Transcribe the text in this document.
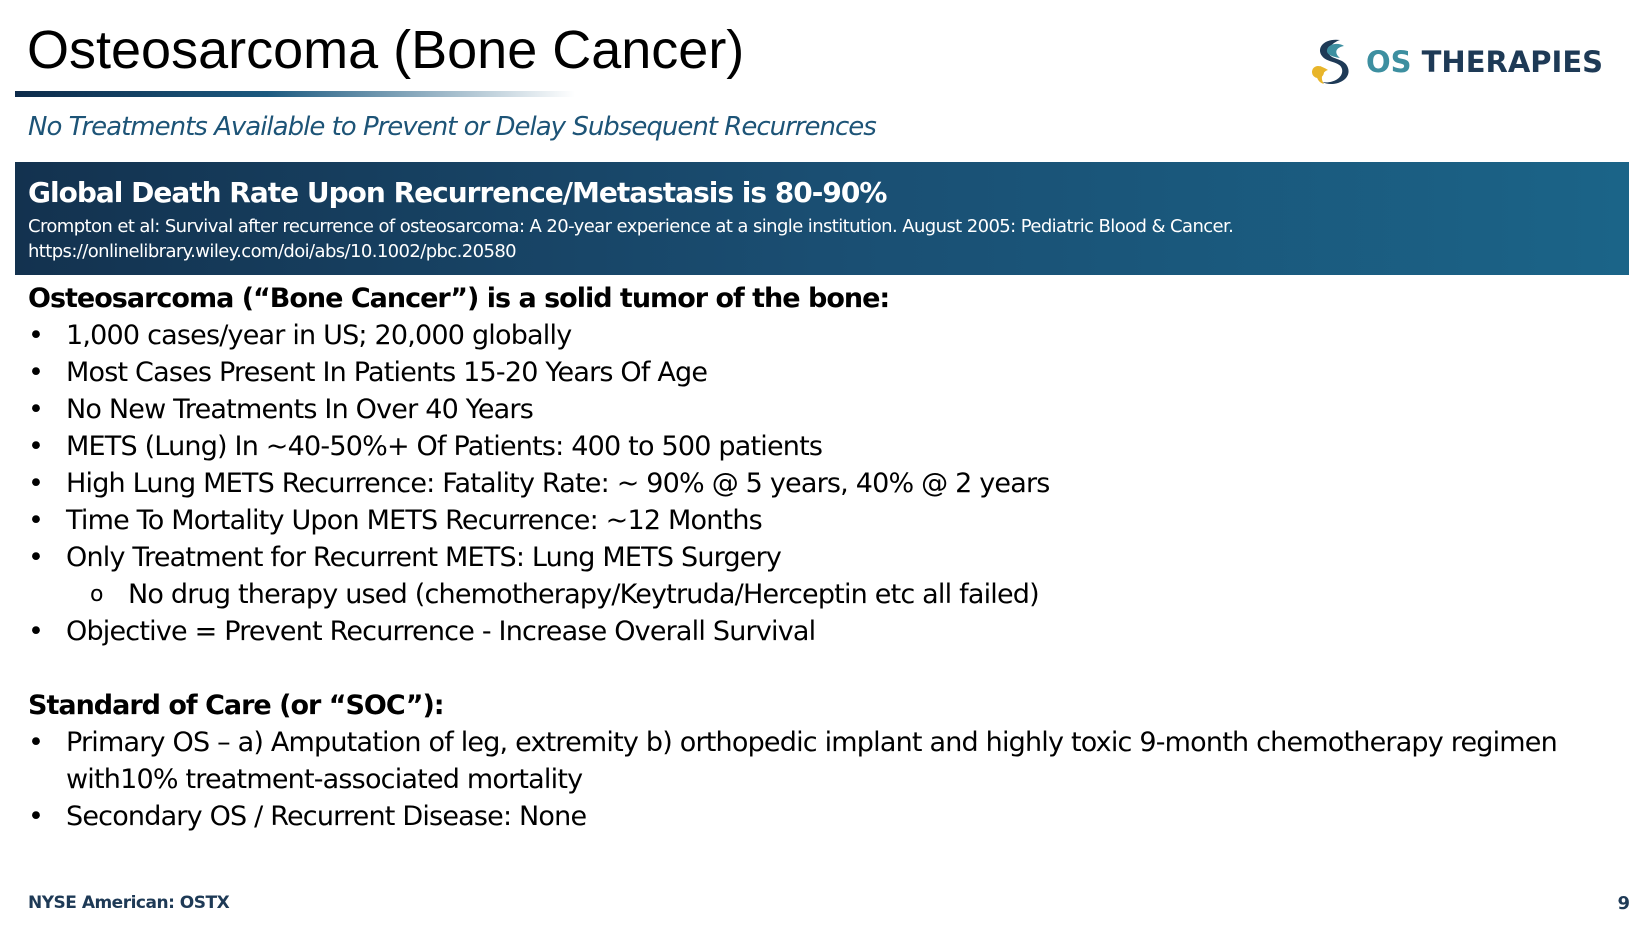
Osteosarcoma (Bone Cancer)
No Treatments Available to Prevent or Delay Subsequent Recurrences
OS THERAPIES
Global Death Rate Upon Recurrence/Metastasis is 80-90%
Crompton et al: Survival after recurrence of osteosarcoma: A 20-year experience at a single institution. August 2005: Pediatric Blood & Cancer.
https://onlinelibrary.wiley.com/doi/abs/10.1002/pbc.20580
Osteosarcoma (“Bone Cancer”) is a solid tumor of the bone:
• 1,000 cases/year in US; 20,000 globally
• Most Cases Present In Patients 15-20 Years Of Age
• No New Treatments In Over 40 Years
• METS (Lung) In ~40-50%+ Of Patients: 400 to 500 patients
• High Lung METS Recurrence: Fatality Rate: ~ 90% @ 5 years, 40% @ 2 years
• Time To Mortality Upon METS Recurrence: ~12 Months
• Only Treatment for Recurrent METS: Lung METS Surgery
o No drug therapy used (chemotherapy/Keytruda/Herceptin etc all failed)
• Objective = Prevent Recurrence - Increase Overall Survival
Standard of Care (or “SOC”):
• Primary OS – a) Amputation of leg, extremity b) orthopedic implant and highly toxic 9-month chemotherapy regimen with10% treatment-associated mortality
• Secondary OS / Recurrent Disease: None
NYSE American: OSTX	9
